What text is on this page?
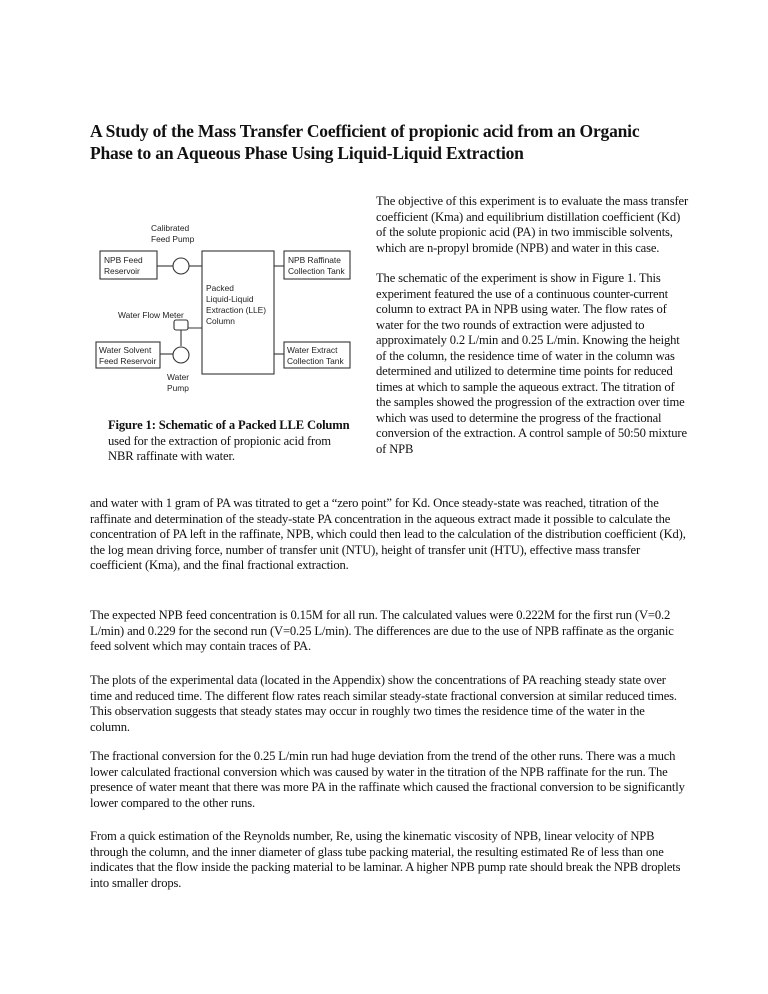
A Study of the Mass Transfer Coefficient of propionic acid from an Organic
Phase to an Aqueous Phase Using Liquid-Liquid Extraction
Calibrated
Feed Pump
NPB Feed
Reservoir
Packed
Liquid-Liquid
Extraction (LLE)
Column
NPB Raffinate
Collection Tank
Water Flow Meter
Water Solvent
Feed Reservoir
Water Extract
Collection Tank
Water
Pump

Figure 1: Schematic of a Packed LLE Column used for the extraction of propionic acid from NBR raffinate with water.

The objective of this experiment is to evaluate the mass transfer coefficient (Kma) and equilibrium distillation coefficient (Kd) of the solute propionic acid (PA) in two immiscible solvents, which are n-propyl bromide (NPB) and water in this case.

The schematic of the experiment is show in Figure 1. This experiment featured the use of a continuous counter-current column to extract PA in NPB using water. The flow rates of water for the two rounds of extraction were adjusted to approximately 0.2 L/min and 0.25 L/min. Knowing the height of the column, the residence time of water in the column was determined and utilized to determine time points for reduced times at which to sample the aqueous extract. The titration of the samples showed the progression of the extraction over time which was used to determine the progress of the fractional conversion of the extraction. A control sample of 50:50 mixture of NPB

and water with 1 gram of PA was titrated to get a “zero point” for Kd. Once steady-state was reached, titration of the raffinate and determination of the steady-state PA concentration in the aqueous extract made it possible to calculate the concentration of PA left in the raffinate, NPB, which could then lead to the calculation of the distribution coefficient (Kd), the log mean driving force, number of transfer unit (NTU), height of transfer unit (HTU), effective mass transfer coefficient (Kma), and the final fractional extraction.

The expected NPB feed concentration is 0.15M for all run. The calculated values were 0.222M for the first run (V=0.2 L/min) and 0.229 for the second run (V=0.25 L/min). The differences are due to the use of NPB raffinate as the organic feed solvent which may contain traces of PA.

The plots of the experimental data (located in the Appendix) show the concentrations of PA reaching steady state over time and reduced time. The different flow rates reach similar steady-state fractional conversion at similar reduced times. This observation suggests that steady states may occur in roughly two times the residence time of the water in the column.

The fractional conversion for the 0.25 L/min run had huge deviation from the trend of the other runs. There was a much lower calculated fractional conversion which was caused by water in the titration of the NPB raffinate for the run. The presence of water meant that there was more PA in the raffinate which caused the fractional conversion to be significantly lower compared to the other runs.

From a quick estimation of the Reynolds number, Re, using the kinematic viscosity of NPB, linear velocity of NPB through the column, and the inner diameter of glass tube packing material, the resulting estimated Re of less than one indicates that the flow inside the packing material to be laminar. A higher NPB pump rate should break the NPB droplets into smaller drops.
